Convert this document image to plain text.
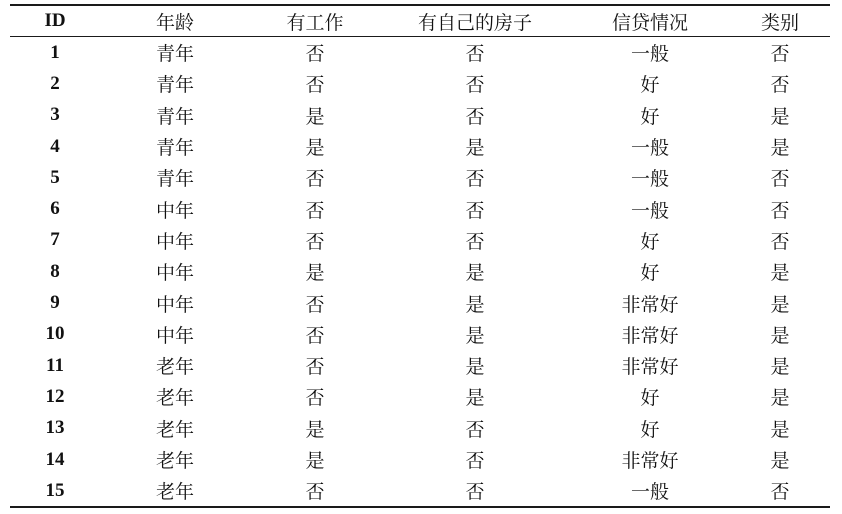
ID	年龄	有工作	有自己的房子	信贷情况	类别
1	青年	否	否	一般	否
2	青年	否	否	好	否
3	青年	是	否	好	是
4	青年	是	是	一般	是
5	青年	否	否	一般	否
6	中年	否	否	一般	否
7	中年	否	否	好	否
8	中年	是	是	好	是
9	中年	否	是	非常好	是
10	中年	否	是	非常好	是
11	老年	否	是	非常好	是
12	老年	否	是	好	是
13	老年	是	否	好	是
14	老年	是	否	非常好	是
15	老年	否	否	一般	否
